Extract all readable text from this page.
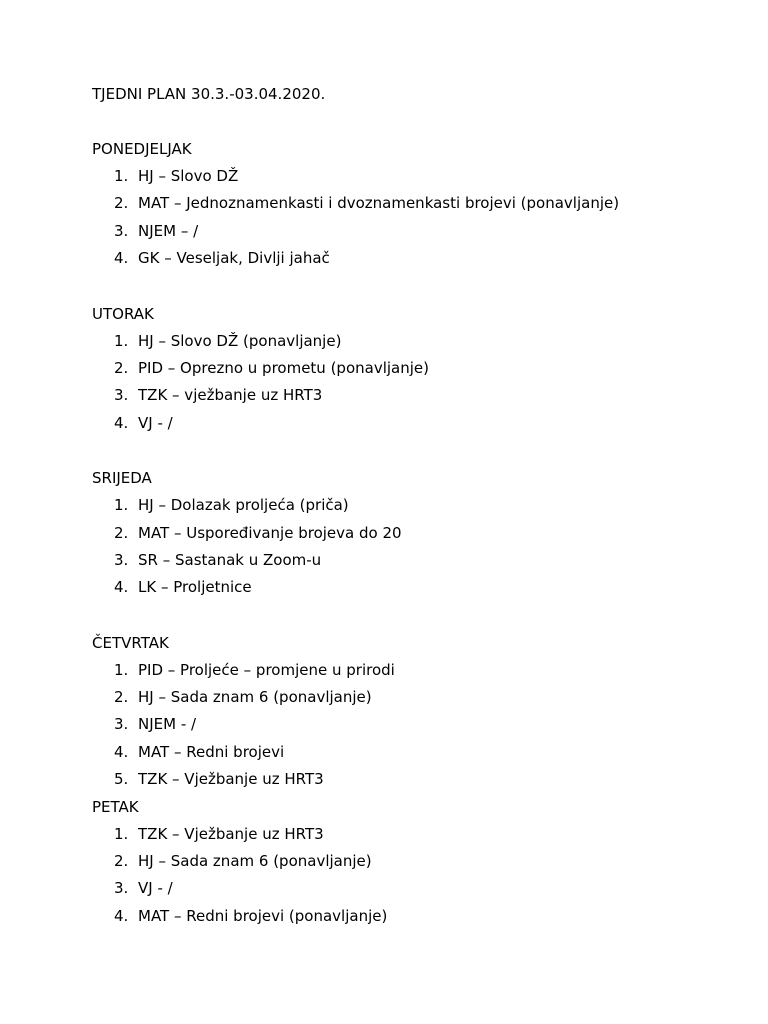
TJEDNI PLAN 30.3.-03.04.2020.

PONEDJELJAK

1. HJ – Slovo DŽ
2. MAT – Jednoznamenkasti i dvoznamenkasti brojevi (ponavljanje)
3. NJEM – /
4. GK – Veseljak, Divlji jahač

UTORAK

1. HJ – Slovo DŽ (ponavljanje)
2. PID – Oprezno u prometu (ponavljanje)
3. TZK – vježbanje uz HRT3
4. VJ - /

SRIJEDA

1. HJ – Dolazak proljeća (priča)
2. MAT – Uspoređivanje brojeva do 20
3. SR – Sastanak u Zoom-u
4. LK – Proljetnice

ČETVRTAK

1. PID – Proljeće – promjene u prirodi
2. HJ – Sada znam 6 (ponavljanje)
3. NJEM - /
4. MAT – Redni brojevi
5. TZK – Vježbanje uz HRT3

PETAK

1. TZK – Vježbanje uz HRT3
2. HJ – Sada znam 6 (ponavljanje)
3. VJ - /
4. MAT – Redni brojevi (ponavljanje)
